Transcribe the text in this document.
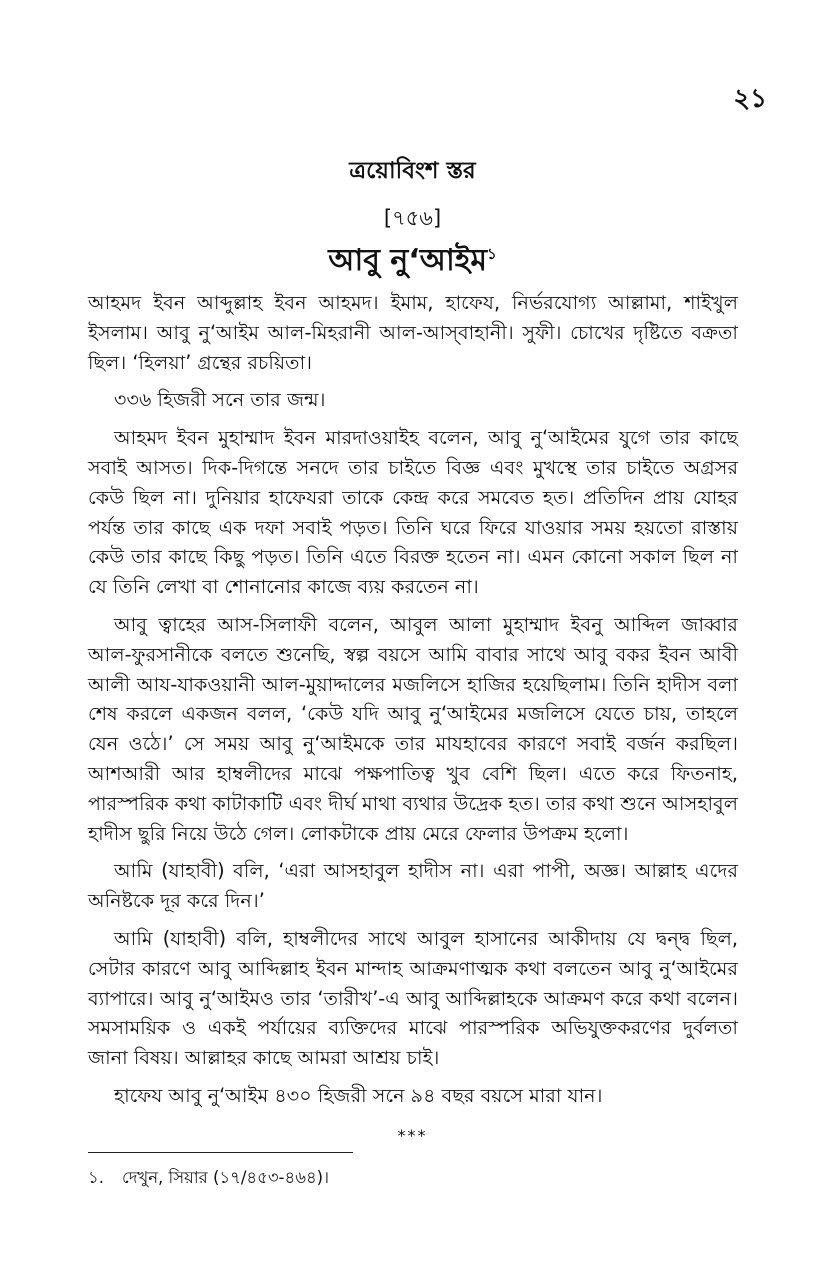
২১
ত্রয়োবিংশ স্তর
[৭৫৬]
আবু নু‘আইম$^১$

আহমদ ইবন আব্দুল্লাহ ইবন আহমদ। ইমাম, হাফেয, নির্ভরযোগ্য আল্লামা, শাইখুল ইসলাম। আবু নু‘আইম আল-মিহরানী আল-আস্‌বাহানী। সুফী। চোখের দৃষ্টিতে বক্রতা ছিল। ‘হিলয়া’ গ্রন্থের রচয়িতা।

৩৩৬ হিজরী সনে তার জন্ম।

আহমদ ইবন মুহাম্মাদ ইবন মারদাওয়াইহ বলেন, আবু নু‘আইমের যুগে তার কাছে সবাই আসত। দিক-দিগন্তে সনদে তার চাইতে বিজ্ঞ এবং মুখস্থে তার চাইতে অগ্রসর কেউ ছিল না। দুনিয়ার হাফেযরা তাকে কেন্দ্র করে সমবেত হত। প্রতিদিন প্রায় যোহর পর্যন্ত তার কাছে এক দফা সবাই পড়ত। তিনি ঘরে ফিরে যাওয়ার সময় হয়তো রাস্তায় কেউ তার কাছে কিছু পড়ত। তিনি এতে বিরক্ত হতেন না। এমন কোনো সকাল ছিল না যে তিনি লেখা বা শোনানোর কাজে ব্যয় করতেন না।

আবু ত্বাহের আস-সিলাফী বলেন, আবুল আলা মুহাম্মাদ ইবনু আব্দিল জাব্বার আল-ফুরসানীকে বলতে শুনেছি, স্বল্প বয়সে আমি বাবার সাথে আবু বকর ইবন আবী আলী আয-যাকওয়ানী আল-মুয়াদ্দালের মজলিসে হাজির হয়েছিলাম। তিনি হাদীস বলা শেষ করলে একজন বলল, ‘কেউ যদি আবু নু‘আইমের মজলিসে যেতে চায়, তাহলে যেন ওঠে।’ সে সময় আবু নু‘আইমকে তার মাযহাবের কারণে সবাই বর্জন করছিল। আশআরী আর হাম্বলীদের মাঝে পক্ষপাতিত্ব খুব বেশি ছিল। এতে করে ফিতনাহ, পারস্পরিক কথা কাটাকাটি এবং দীর্ঘ মাথা ব্যথার উদ্রেক হত। তার কথা শুনে আসহাবুল হাদীস ছুরি নিয়ে উঠে গেল। লোকটাকে প্রায় মেরে ফেলার উপক্রম হলো।

আমি (যাহাবী) বলি, ‘এরা আসহাবুল হাদীস না। এরা পাপী, অজ্ঞ। আল্লাহ এদের অনিষ্টকে দূর করে দিন।’

আমি (যাহাবী) বলি, হাম্বলীদের সাথে আবুল হাসানের আকীদায় যে দ্বন্দ্ব ছিল, সেটার কারণে আবু আব্দিল্লাহ ইবন মান্দাহ আক্রমণাত্মক কথা বলতেন আবু নু‘আইমের ব্যাপারে। আবু নু‘আইমও তার ‘তারীখ’-এ আবু আব্দিল্লাহকে আক্রমণ করে কথা বলেন। সমসাময়িক ও একই পর্যায়ের ব্যক্তিদের মাঝে পারস্পরিক অভিযুক্তকরণের দুর্বলতা জানা বিষয়। আল্লাহর কাছে আমরা আশ্রয় চাই।

হাফেয আবু নু‘আইম ৪৩০ হিজরী সনে ৯৪ বছর বয়সে মারা যান।

***
১. দেখুন, সিয়ার (১৭/৪৫৩-৪৬৪)।
